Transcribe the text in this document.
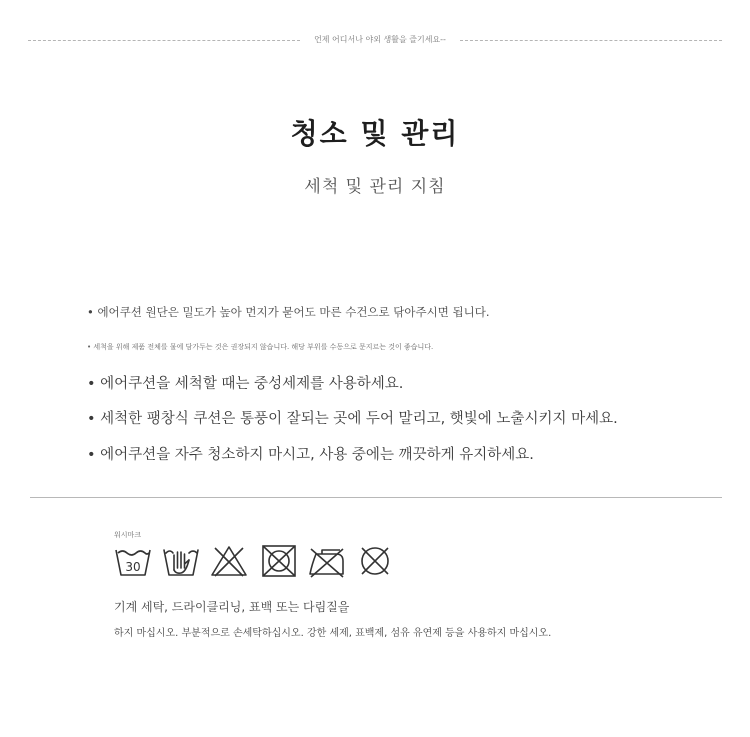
언제 어디서나 야외 생활을 즐기세요--
청소 및 관리
세척 및 관리 지침
• 에어쿠션 원단은 밀도가 높아 먼지가 묻어도 마른 수건으로 닦아주시면 됩니다.
• 세척을 위해 제품 전체를 물에 담가두는 것은 권장되지 않습니다. 해당 부위를 수동으로 문지르는 것이 좋습니다.
• 에어쿠션을 세척할 때는 중성세제를 사용하세요.
• 세척한 팽창식 쿠션은 통풍이 잘되는 곳에 두어 말리고, 햇빛에 노출시키지 마세요.
• 에어쿠션을 자주 청소하지 마시고, 사용 중에는 깨끗하게 유지하세요.
워시마크
30
기계 세탁, 드라이클리닝, 표백 또는 다림질을
하지 마십시오. 부분적으로 손세탁하십시오. 강한 세제, 표백제, 섬유 유연제 등을 사용하지 마십시오.
